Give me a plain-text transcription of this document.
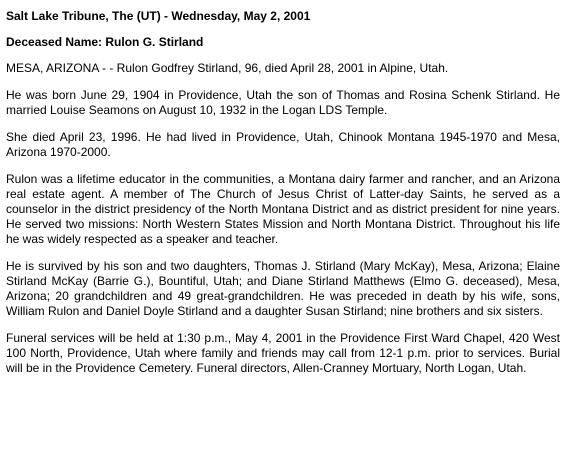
Salt Lake Tribune, The (UT) - Wednesday, May 2, 2001

Deceased Name: Rulon G. Stirland

MESA, ARIZONA - - Rulon Godfrey Stirland, 96, died April 28, 2001 in Alpine, Utah.

He was born June 29, 1904 in Providence, Utah the son of Thomas and Rosina Schenk Stirland. He married Louise Seamons on August 10, 1932 in the Logan LDS Temple.

She died April 23, 1996. He had lived in Providence, Utah, Chinook Montana 1945-1970 and Mesa, Arizona 1970-2000.

Rulon was a lifetime educator in the communities, a Montana dairy farmer and rancher, and an Arizona real estate agent. A member of The Church of Jesus Christ of Latter-day Saints, he served as a counselor in the district presidency of the North Montana District and as district president for nine years. He served two missions: North Western States Mission and North Montana District. Throughout his life he was widely respected as a speaker and teacher.

He is survived by his son and two daughters, Thomas J. Stirland (Mary McKay), Mesa, Arizona; Elaine Stirland McKay (Barrie G.), Bountiful, Utah; and Diane Stirland Matthews (Elmo G. deceased), Mesa, Arizona; 20 grandchildren and 49 great-grandchildren. He was preceded in death by his wife, sons, William Rulon and Daniel Doyle Stirland and a daughter Susan Stirland; nine brothers and six sisters.

Funeral services will be held at 1:30 p.m., May 4, 2001 in the Providence First Ward Chapel, 420 West 100 North, Providence, Utah where family and friends may call from 12-1 p.m. prior to services. Burial will be in the Providence Cemetery. Funeral directors, Allen-Cranney Mortuary, North Logan, Utah.
